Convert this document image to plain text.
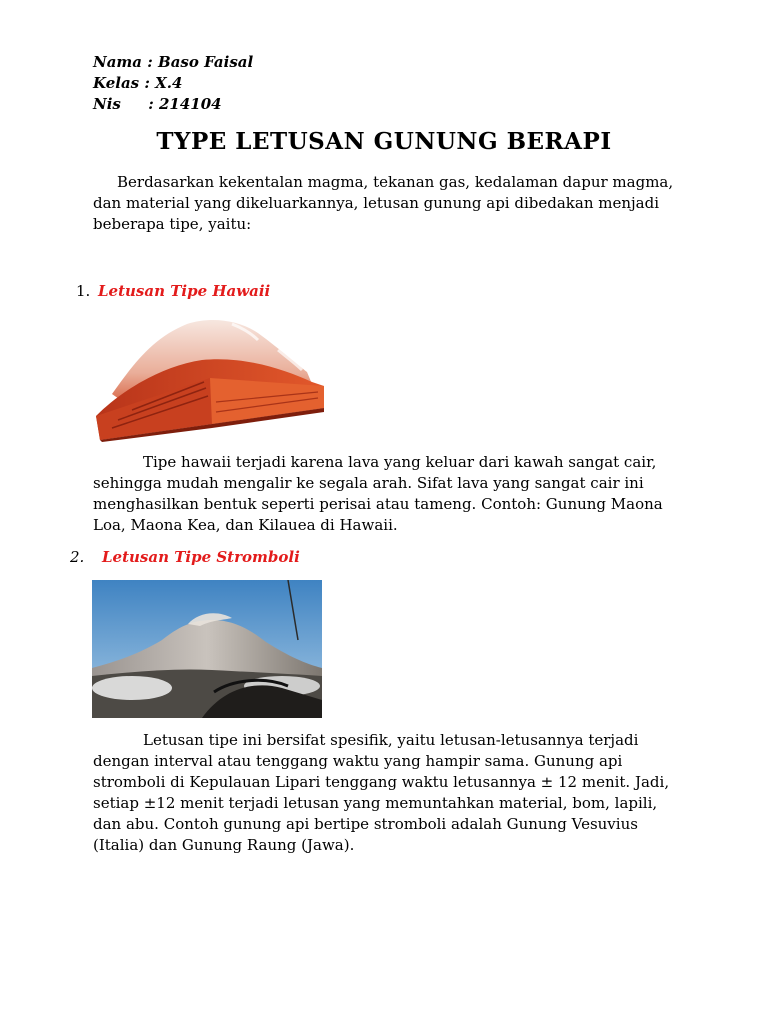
Nama : Baso Faisal
Kelas : X.4
Nis : 214104
TYPE LETUSAN GUNUNG BERAPI
Berdasarkan kekentalan magma, tekanan gas, kedalaman dapur magma,
dan material yang dikeluarkannya, letusan gunung api dibedakan menjadi
beberapa tipe, yaitu:
1. Letusan Tipe Hawaii
Tipe hawaii terjadi karena lava yang keluar dari kawah sangat cair,
sehingga mudah mengalir ke segala arah. Sifat lava yang sangat cair ini
menghasilkan bentuk seperti perisai atau tameng. Contoh: Gunung Maona
Loa, Maona Kea, dan Kilauea di Hawaii.
2. Letusan Tipe Stromboli
Letusan tipe ini bersifat spesifik, yaitu letusan-letusannya terjadi
dengan interval atau tenggang waktu yang hampir sama. Gunung api
stromboli di Kepulauan Lipari tenggang waktu letusannya ± 12 menit. Jadi,
setiap ±12 menit terjadi letusan yang memuntahkan material, bom, lapili,
dan abu. Contoh gunung api bertipe stromboli adalah Gunung Vesuvius
(Italia) dan Gunung Raung (Jawa).
